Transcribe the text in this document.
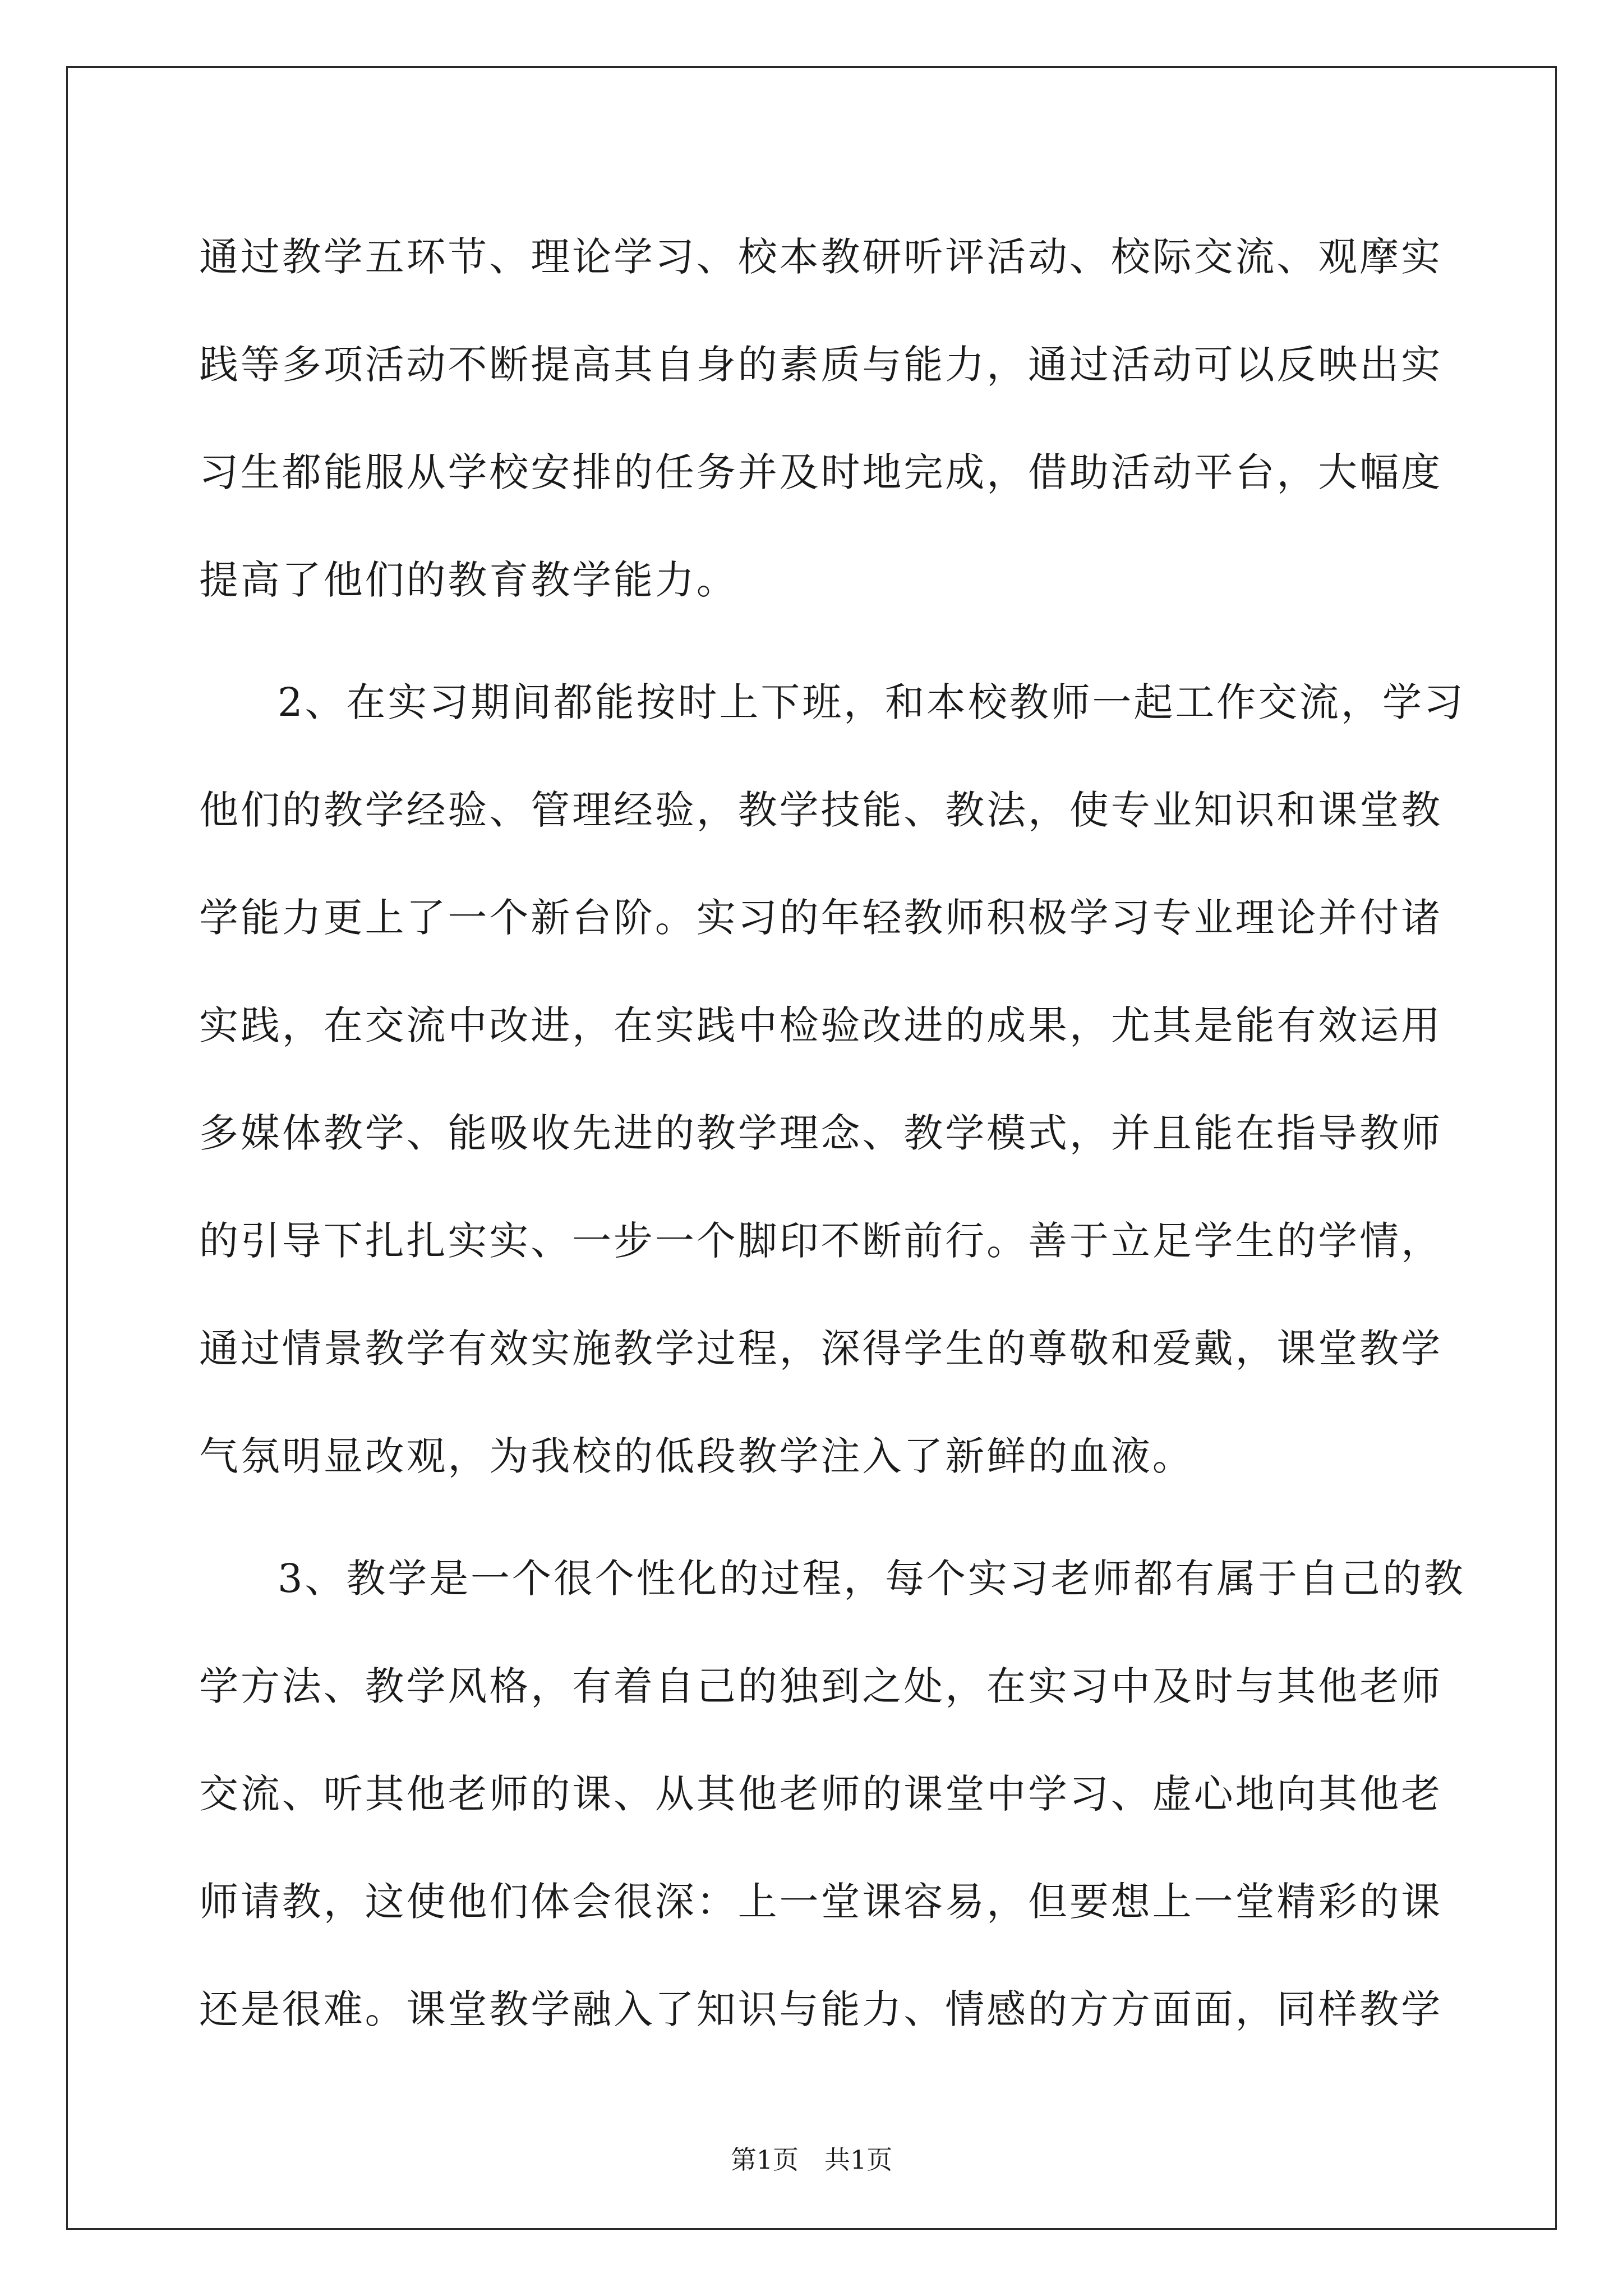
通过教学五环节、理论学习、校本教研听评活动、校际交流、观摩实
践等多项活动不断提高其自身的素质与能力，通过活动可以反映出实
习生都能服从学校安排的任务并及时地完成，借助活动平台，大幅度
提高了他们的教育教学能力。
2、在实习期间都能按时上下班，和本校教师一起工作交流，学习
他们的教学经验、管理经验，教学技能、教法，使专业知识和课堂教
学能力更上了一个新台阶。实习的年轻教师积极学习专业理论并付诸
实践，在交流中改进，在实践中检验改进的成果，尤其是能有效运用
多媒体教学、能吸收先进的教学理念、教学模式，并且能在指导教师
的引导下扎扎实实、一步一个脚印不断前行。善于立足学生的学情，
通过情景教学有效实施教学过程，深得学生的尊敬和爱戴，课堂教学
气氛明显改观，为我校的低段教学注入了新鲜的血液。
3、教学是一个很个性化的过程，每个实习老师都有属于自己的教
学方法、教学风格，有着自己的独到之处，在实习中及时与其他老师
交流、听其他老师的课、从其他老师的课堂中学习、虚心地向其他老
师请教，这使他们体会很深：上一堂课容易，但要想上一堂精彩的课
还是很难。课堂教学融入了知识与能力、情感的方方面面，同样教学
第1页 共1页
